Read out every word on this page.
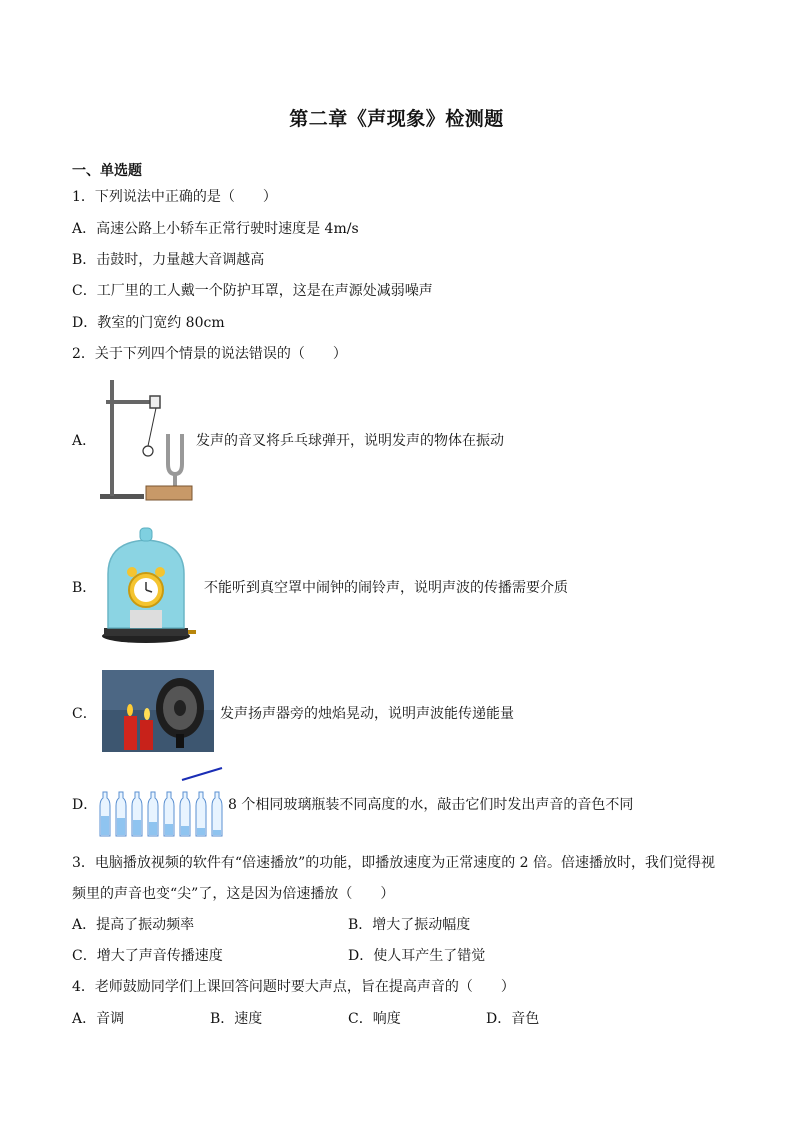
第二章《声现象》检测题
一、单选题
1．下列说法中正确的是（　　）
A．高速公路上小轿车正常行驶时速度是 4m/s
B．击鼓时，力量越大音调越高
C．工厂里的工人戴一个防护耳罩，这是在声源处减弱噪声
D．教室的门宽约 80cm
2．关于下列四个情景的说法错误的（　　）
A．	发声的音叉将乒乓球弹开，说明发声的物体在振动
B．	不能听到真空罩中闹钟的闹铃声，说明声波的传播需要介质
C．	发声扬声器旁的烛焰晃动，说明声波能传递能量
D．	8 个相同玻璃瓶装不同高度的水，敲击它们时发出声音的音色不同
3．电脑播放视频的软件有“倍速播放”的功能，即播放速度为正常速度的 2 倍。倍速播放时，我们觉得视
频里的声音也变“尖”了，这是因为倍速播放（　　）
A．提高了振动频率	B．增大了振动幅度
C．增大了声音传播速度	D．使人耳产生了错觉
4．老师鼓励同学们上课回答问题时要大声点，旨在提高声音的（　　）
A．音调	B．速度	C．响度	D．音色
